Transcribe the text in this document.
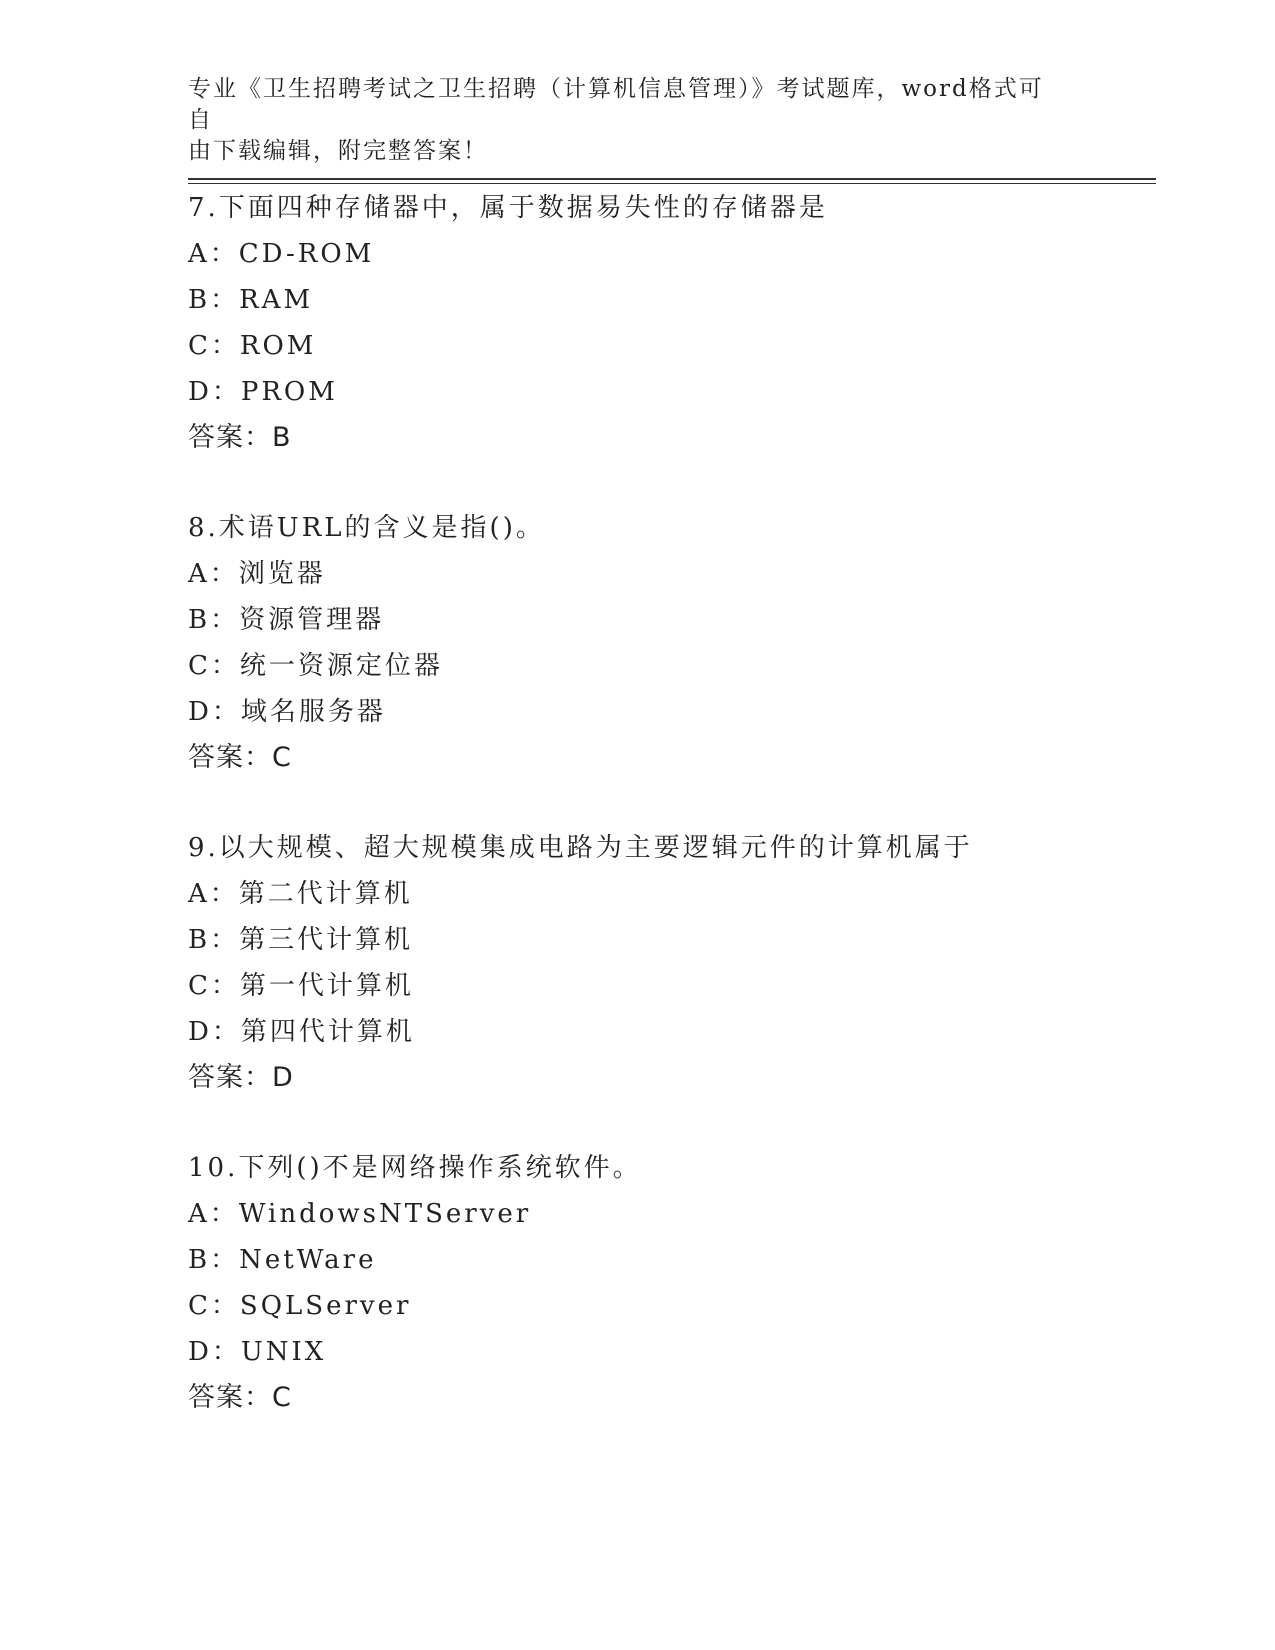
专业《卫生招聘考试之卫生招聘（计算机信息管理）》考试题库，word格式可自
由下载编辑，附完整答案！
7.下面四种存储器中，属于数据易失性的存储器是
A：CD-ROM
B：RAM
C：ROM
D：PROM
答案：B
8.术语URL的含义是指()。
A：浏览器
B：资源管理器
C：统一资源定位器
D：域名服务器
答案：C
9.以大规模、超大规模集成电路为主要逻辑元件的计算机属于
A：第二代计算机
B：第三代计算机
C：第一代计算机
D：第四代计算机
答案：D
10.下列()不是网络操作系统软件。
A：WindowsNTServer
B：NetWare
C：SQLServer
D：UNIX
答案：C
